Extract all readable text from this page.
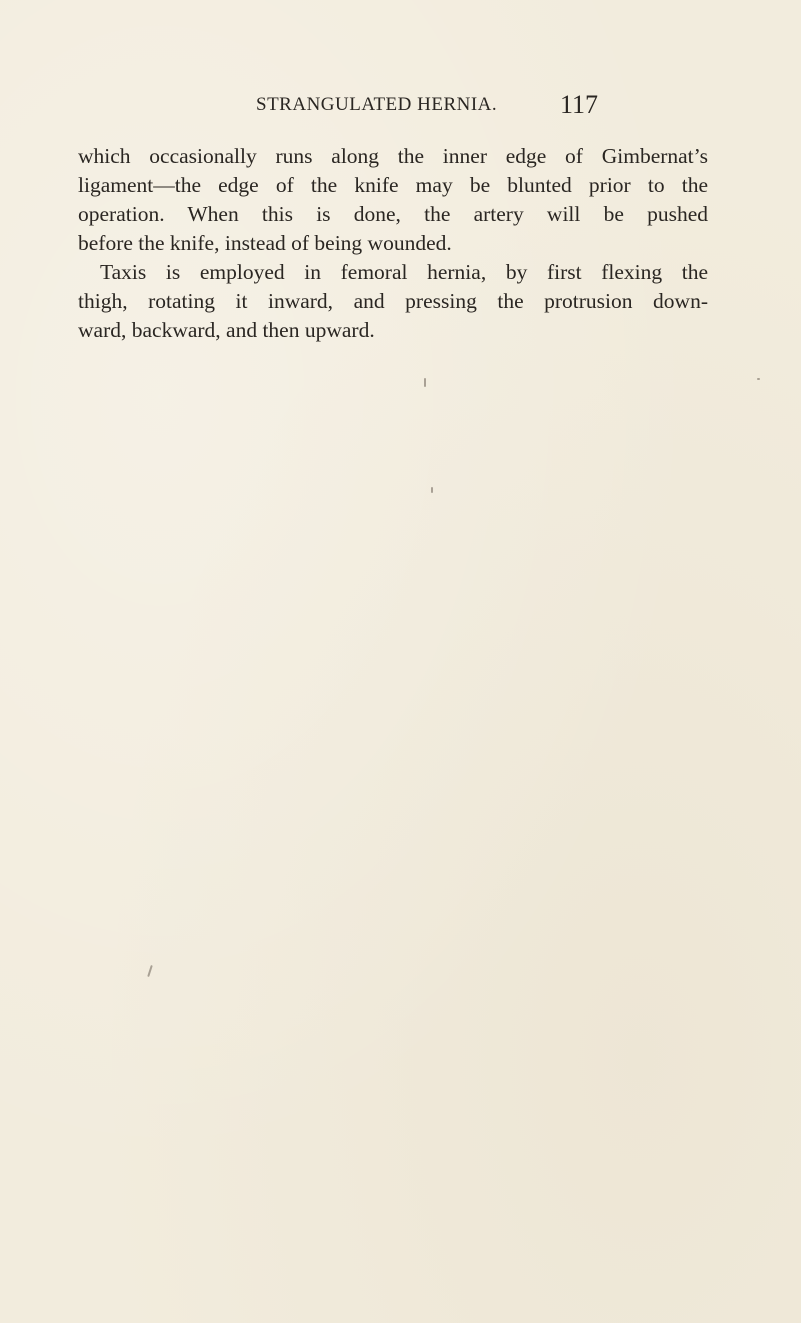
STRANGULATED HERNIA. 117

which occasionally runs along the inner edge of Gimbernat’s
ligament—the edge of the knife may be blunted prior to the
operation. When this is done, the artery will be pushed
before the knife, instead of being wounded.

Taxis is employed in femoral hernia, by first flexing the
thigh, rotating it inward, and pressing the protrusion down-
ward, backward, and then upward.
